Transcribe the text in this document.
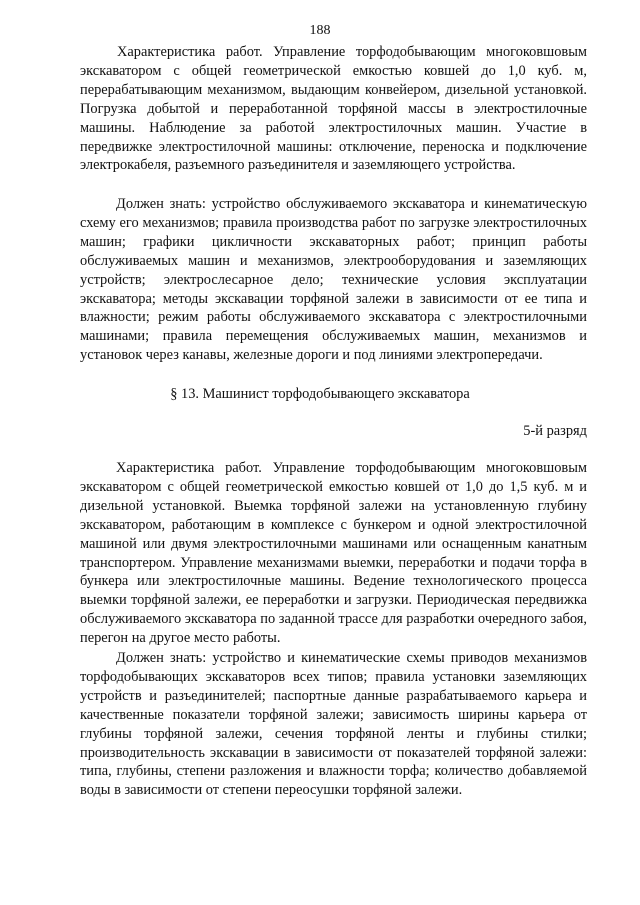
188

Характеристика работ. Управление торфодобывающим многоковшовым экскаватором с общей геометрической емкостью ковшей до 1,0 куб. м, перерабатывающим механизмом, выдающим конвейером, дизельной установкой. Погрузка добытой и переработанной торфяной массы в электростилочные машины. Наблюдение за работой электростилочных машин. Участие в передвижке электростилочной машины: отключение, переноска и подключение электрокабеля, разъемного разъединителя и заземляющего устройства.

Должен знать: устройство обслуживаемого экскаватора и кинематическую схему его механизмов; правила производства работ по загрузке электростилочных машин; графики цикличности экскаваторных работ; принцип работы обслуживаемых машин и механизмов, электрооборудования и заземляющих устройств; электрослесарное дело; технические условия эксплуатации экскаватора; методы экскавации торфяной залежи в зависимости от ее типа и влажности; режим работы обслуживаемого экскаватора с электростилочными машинами; правила перемещения обслуживаемых машин, механизмов и установок через канавы, железные дороги и под линиями электропередачи.

§ 13. Машинист торфодобывающего экскаватора
5-й разряд

Характеристика работ. Управление торфодобывающим многоковшовым экскаватором с общей геометрической емкостью ковшей от 1,0 до 1,5 куб. м и дизельной установкой. Выемка торфяной залежи на установленную глубину экскаватором, работающим в комплексе с бункером и одной электростилочной машиной или двумя электростилочными машинами или оснащенным канатным транспортером. Управление механизмами выемки, переработки и подачи торфа в бункера или электростилочные машины. Ведение технологического процесса выемки торфяной залежи, ее переработки и загрузки. Периодическая передвижка обслуживаемого экскаватора по заданной трассе для разработки очередного забоя, перегон на другое место работы.

Должен знать: устройство и кинематические схемы приводов механизмов торфодобывающих экскаваторов всех типов; правила установки заземляющих устройств и разъединителей; паспортные данные разрабатываемого карьера и качественные показатели торфяной залежи; зависимость ширины карьера от глубины торфяной залежи, сечения торфяной ленты и глубины стилки; производительность экскавации в зависимости от показателей торфяной залежи: типа, глубины, степени разложения и влажности торфа; количество добавляемой воды в зависимости от степени переосушки торфяной залежи.
